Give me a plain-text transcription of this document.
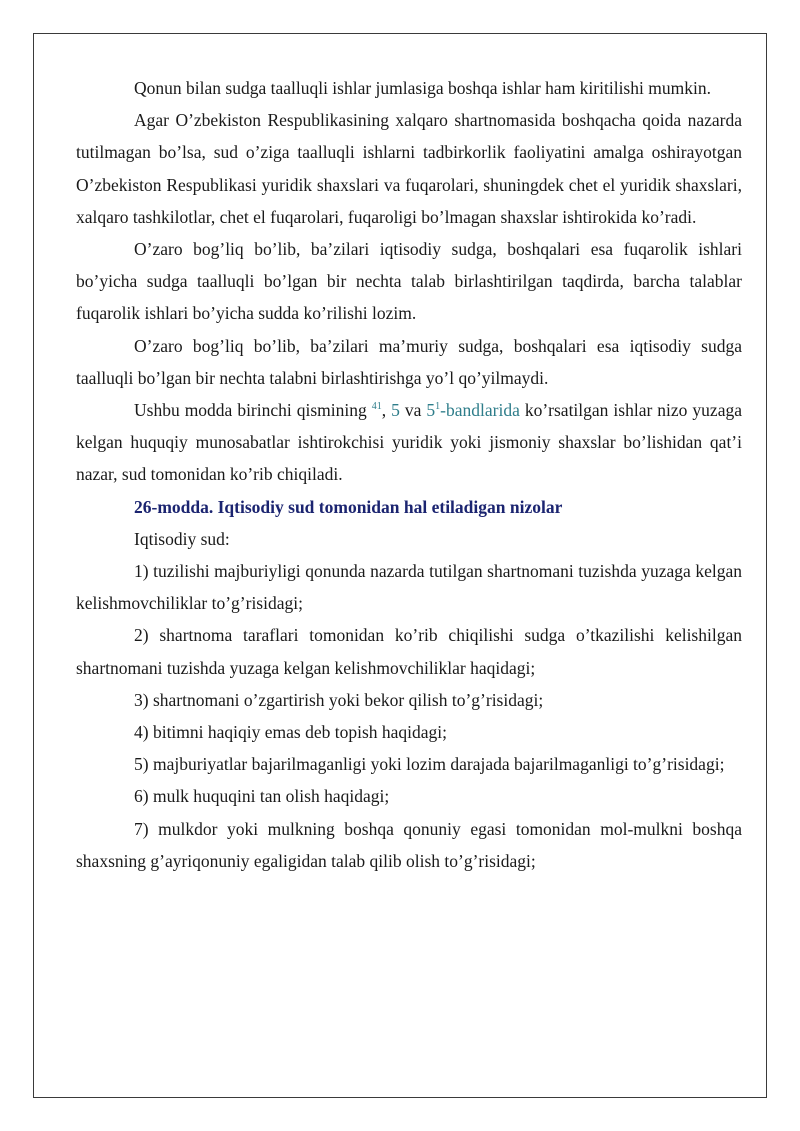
Qonun bilan sudga taalluqli ishlar jumlasiga boshqa ishlar ham kiritilishi mumkin.

Agar O’zbekiston Respublikasining xalqaro shartnomasida boshqacha qoida nazarda tutilmagan bo’lsa, sud o’ziga taalluqli ishlarni tadbirkorlik faoliyatini amalga oshirayotgan O’zbekiston Respublikasi yuridik shaxslari va fuqarolari, shuningdek chet el yuridik shaxslari, xalqaro tashkilotlar, chet el fuqarolari, fuqaroligi bo’lmagan shaxslar ishtirokida ko’radi.

O’zaro bog’liq bo’lib, ba’zilari iqtisodiy sudga, boshqalari esa fuqarolik ishlari bo’yicha sudga taalluqli bo’lgan bir nechta talab birlashtirilgan taqdirda, barcha talablar fuqarolik ishlari bo’yicha sudda ko’rilishi lozim.

O’zaro bog’liq bo’lib, ba’zilari ma’muriy sudga, boshqalari esa iqtisodiy sudga taalluqli bo’lgan bir nechta talabni birlashtirishga yo’l qo’yilmaydi.

Ushbu modda birinchi qismining $^{41}$, 5 va $5^1$-bandlarida ko’rsatilgan ishlar nizo yuzaga kelgan huquqiy munosabatlar ishtirokchisi yuridik yoki jismoniy shaxslar bo’lishidan qat’i nazar, sud tomonidan ko’rib chiqiladi.

26-modda. Iqtisodiy sud tomonidan hal etiladigan nizolar

Iqtisodiy sud:

1) tuzilishi majburiyligi qonunda nazarda tutilgan shartnomani tuzishda yuzaga kelgan kelishmovchiliklar to’g’risidagi;

2) shartnoma taraflari tomonidan ko’rib chiqilishi sudga o’tkazilishi kelishilgan shartnomani tuzishda yuzaga kelgan kelishmovchiliklar haqidagi;

3) shartnomani o’zgartirish yoki bekor qilish to’g’risidagi;

4) bitimni haqiqiy emas deb topish haqidagi;

5) majburiyatlar bajarilmaganligi yoki lozim darajada bajarilmaganligi to’g’risidagi;

6) mulk huquqini tan olish haqidagi;

7) mulkdor yoki mulkning boshqa qonuniy egasi tomonidan mol-mulkni boshqa shaxsning g’ayriqonuniy egaligidan talab qilib olish to’g’risidagi;
